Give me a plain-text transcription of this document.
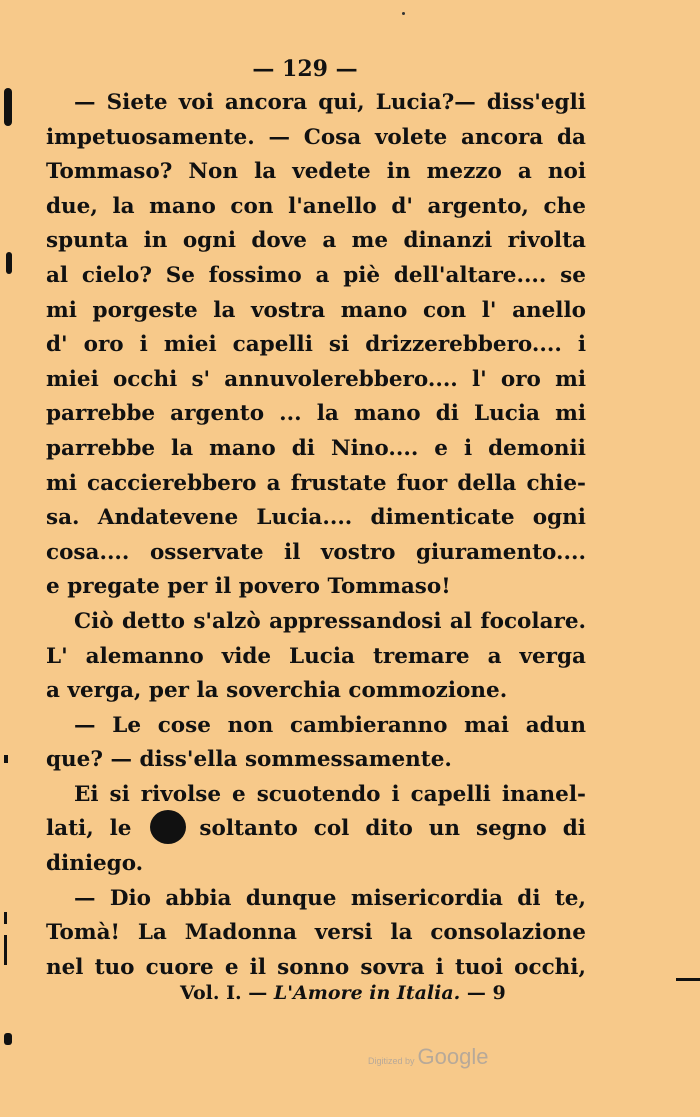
— 129 —
— Siete voi ancora qui, Lucia?— diss'egli
impetuosamente. — Cosa volete ancora da
Tommaso? Non la vedete in mezzo a noi
due, la mano con l'anello d' argento, che
spunta in ogni dove a me dinanzi rivolta
al cielo? Se fossimo a piè dell'altare.... se
mi porgeste la vostra mano con l' anello
d' oro i miei capelli si drizzerebbero.... i
miei occhi s' annuvolerebbero.... l' oro mi
parrebbe argento ... la mano di Lucia mi
parrebbe la mano di Nino.... e i demonii
mi caccierebbero a frustate fuor della chie-
sa. Andatevene Lucia.... dimenticate ogni
cosa.... osservate il vostro giuramento....
e pregate per il povero Tommaso!
Ciò detto s'alzò appressandosi al focolare.
L' alemanno vide Lucia tremare a verga
a verga, per la soverchia commozione.
— Le cose non cambieranno mai adun
que? — diss'ella sommessamente.
Ei si rivolse e scuotendo i capelli inanel-
lati, le	soltanto col dito un segno di
diniego.
— Dio abbia dunque misericordia di te,
Tomà! La Madonna versi la consolazione
nel tuo cuore e il sonno sovra i tuoi occhi,
Vol. I. — L'Amore in Italia. — 9
Digitized by Google
